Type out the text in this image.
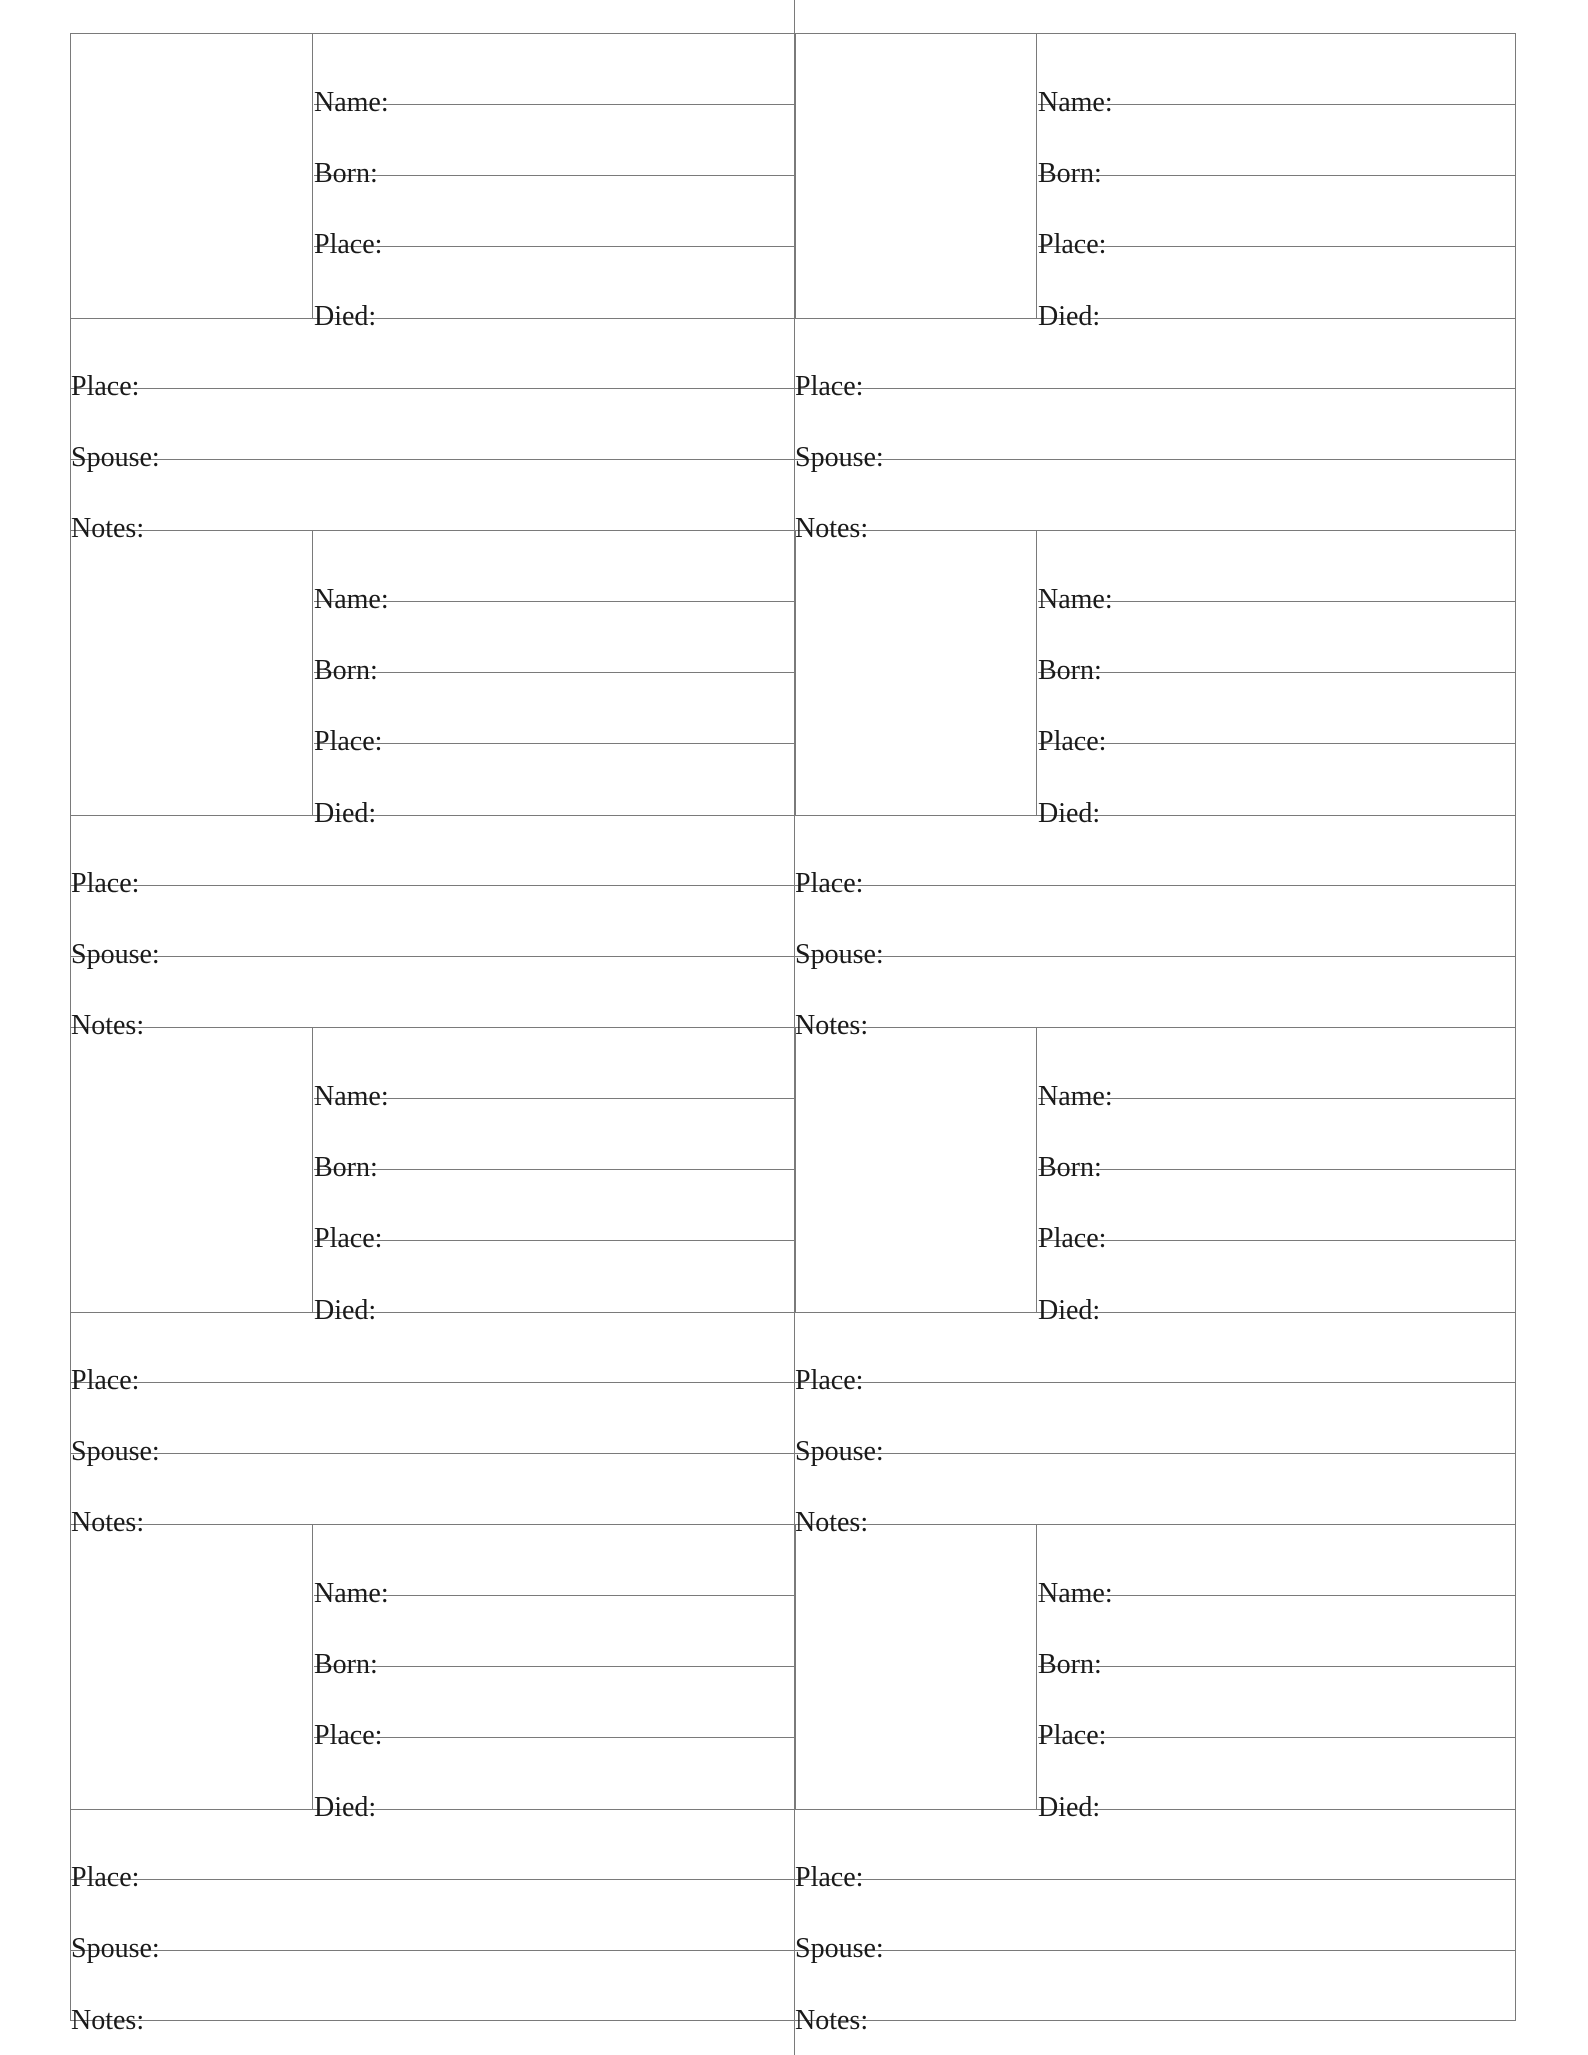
Name:
Born:
Place:
Died:
Place:
Spouse:
Notes:
Name:
Born:
Place:
Died:
Place:
Spouse:
Notes:
Name:
Born:
Place:
Died:
Place:
Spouse:
Notes:
Name:
Born:
Place:
Died:
Place:
Spouse:
Notes:
Name:
Born:
Place:
Died:
Place:
Spouse:
Notes:
Name:
Born:
Place:
Died:
Place:
Spouse:
Notes:
Name:
Born:
Place:
Died:
Place:
Spouse:
Notes:
Name:
Born:
Place:
Died:
Place:
Spouse:
Notes:
